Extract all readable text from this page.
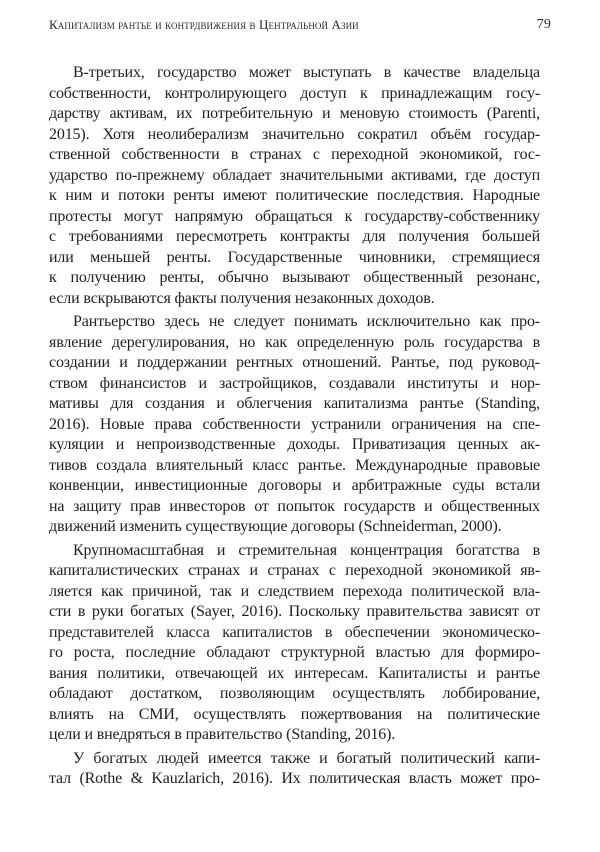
Капитализм рантье и контрдвижения в Центральной Азии	79

В-третьих, государство может выступать в качестве владельца
собственности, контролирующего доступ к принадлежащим госу-
дарству активам, их потребительную и меновую стоимость (Parenti,
2015). Хотя неолиберализм значительно сократил объём государ-
ственной собственности в странах с переходной экономикой, гос-
ударство по-прежнему обладает значительными активами, где доступ
к ним и потоки ренты имеют политические последствия. Народные
протесты могут напрямую обращаться к государству-собственнику
с требованиями пересмотреть контракты для получения большей
или меньшей ренты. Государственные чиновники, стремящиеся
к получению ренты, обычно вызывают общественный резонанс,
если вскрываются факты получения незаконных доходов.

Рантьерство здесь не следует понимать исключительно как про-
явление дерегулирования, но как определенную роль государства в
создании и поддержании рентных отношений. Рантье, под руковод-
ством финансистов и застройщиков, создавали институты и нор-
мативы для создания и облегчения капитализма рантье (Standing,
2016). Новые права собственности устранили ограничения на спе-
куляции и непроизводственные доходы. Приватизация ценных ак-
тивов создала влиятельный класс рантье. Международные правовые
конвенции, инвестиционные договоры и арбитражные суды встали
на защиту прав инвесторов от попыток государств и общественных
движений изменить существующие договоры (Schneiderman, 2000).

Крупномасштабная и стремительная концентрация богатства в
капиталистических странах и странах с переходной экономикой яв-
ляется как причиной, так и следствием перехода политической вла-
сти в руки богатых (Sayer, 2016). Поскольку правительства зависят от
представителей класса капиталистов в обеспечении экономическо-
го роста, последние обладают структурной властью для формиро-
вания политики, отвечающей их интересам. Капиталисты и рантье
обладают достатком, позволяющим осуществлять лоббирование,
влиять на СМИ, осуществлять пожертвования на политические
цели и внедряться в правительство (Standing, 2016).

У богатых людей имеется также и богатый политический капи-
тал (Rothe & Kauzlarich, 2016). Их политическая власть может про-
